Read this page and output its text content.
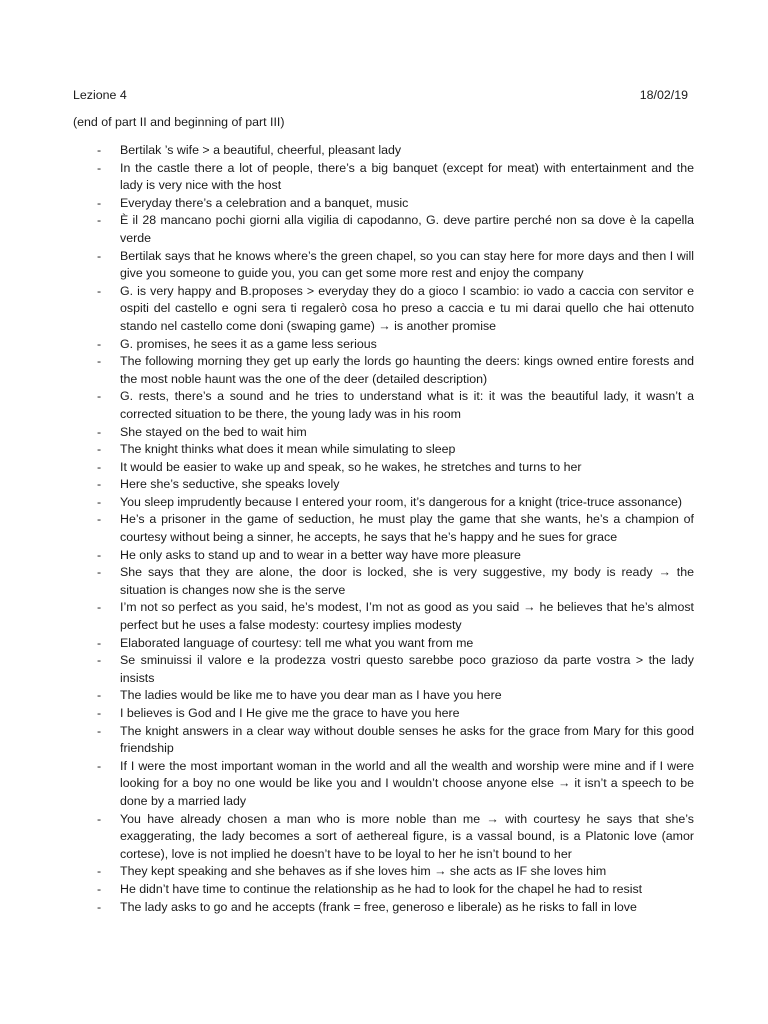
Lezione 4	18/02/19
(end of part II and beginning of part III)
- Bertilak ’s wife > a beautiful, cheerful, pleasant lady
- In the castle there a lot of people, there’s a big banquet (except for meat) with entertainment and the lady is very nice with the host
- Everyday there’s a celebration and a banquet, music
- È il 28 mancano pochi giorni alla vigilia di capodanno, G. deve partire perché non sa dove è la capella verde
- Bertilak says that he knows where’s the green chapel, so you can stay here for more days and then I will give you someone to guide you, you can get some more rest and enjoy the company
- G. is very happy and B.proposes > everyday they do a gioco I scambio: io vado a caccia con servitor e ospiti del castello e ogni sera ti regalerò cosa ho preso a caccia e tu mi darai quello che hai ottenuto stando nel castello come doni (swaping game) → is another promise
- G. promises, he sees it as a game less serious
- The following morning they get up early the lords go haunting the deers: kings owned entire forests and the most noble haunt was the one of the deer (detailed description)
- G. rests, there’s a sound and he tries to understand what is it: it was the beautiful lady, it wasn’t a corrected situation to be there, the young lady was in his room
- She stayed on the bed to wait him
- The knight thinks what does it mean while simulating to sleep
- It would be easier to wake up and speak, so he wakes, he stretches and turns to her
- Here she’s seductive, she speaks lovely
- You sleep imprudently because I entered your room, it’s dangerous for a knight (trice-truce assonance)
- He’s a prisoner in the game of seduction, he must play the game that she wants, he’s a champion of courtesy without being a sinner, he accepts, he says that he’s happy and he sues for grace
- He only asks to stand up and to wear in a better way have more pleasure
- She says that they are alone, the door is locked, she is very suggestive, my body is ready → the situation is changes now she is the serve
- I’m not so perfect as you said, he’s modest, I’m not as good as you said → he believes that he’s almost perfect but he uses a false modesty: courtesy implies modesty
- Elaborated language of courtesy: tell me what you want from me
- Se sminuissi il valore e la prodezza vostri questo sarebbe poco grazioso da parte vostra > the lady insists
- The ladies would be like me to have you dear man as I have you here
- I believes is God and I He give me the grace to have you here
- The knight answers in a clear way without double senses he asks for the grace from Mary for this good friendship
- If I were the most important woman in the world and all the wealth and worship were mine and if I were looking for a boy no one would be like you and I wouldn’t choose anyone else → it isn’t a speech to be done by a married lady
- You have already chosen a man who is more noble than me → with courtesy he says that she’s exaggerating, the lady becomes a sort of aethereal figure, is a vassal bound, is a Platonic love (amor cortese), love is not implied he doesn’t have to be loyal to her he isn’t bound to her
- They kept speaking and she behaves as if she loves him → she acts as IF she loves him
- He didn’t have time to continue the relationship as he had to look for the chapel he had to resist
- The lady asks to go and he accepts (frank = free, generoso e liberale) as he risks to fall in love
